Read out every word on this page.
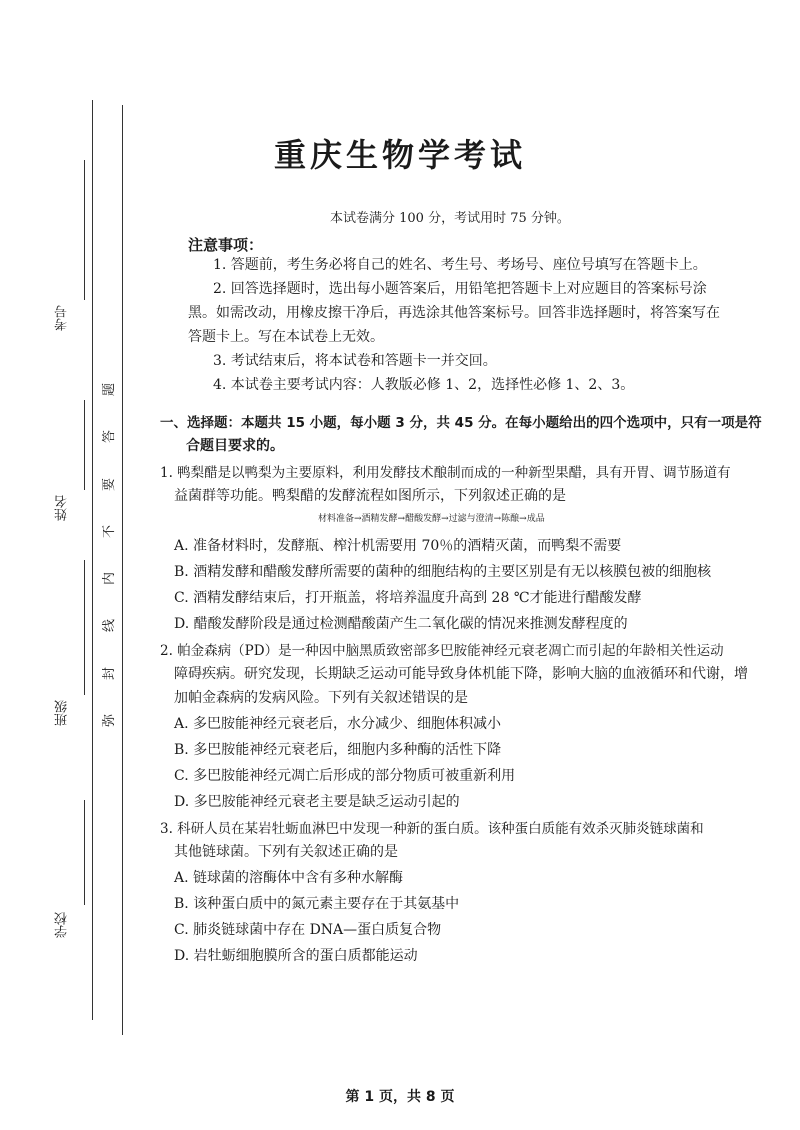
考号
姓名
班级
学校
题
答
要
不
内
线
封
弥
重庆生物学考试
本试卷满分 100 分，考试用时 75 分钟。
注意事项：
1. 答题前，考生务必将自己的姓名、考生号、考场号、座位号填写在答题卡上。
2. 回答选择题时，选出每小题答案后，用铅笔把答题卡上对应题目的答案标号涂
黑。如需改动，用橡皮擦干净后，再选涂其他答案标号。回答非选择题时，将答案写在
答题卡上。写在本试卷上无效。
3. 考试结束后，将本试卷和答题卡一并交回。
4. 本试卷主要考试内容：人教版必修 1、2，选择性必修 1、2、3。
一、选择题：本题共 15 小题，每小题 3 分，共 45 分。在每小题给出的四个选项中，只有一项是符
合题目要求的。
1. 鸭梨醋是以鸭梨为主要原料，利用发酵技术酿制而成的一种新型果醋，具有开胃、调节肠道有
益菌群等功能。鸭梨醋的发酵流程如图所示，下列叙述正确的是
材料准备→酒精发酵→醋酸发酵→过滤与澄清→陈酿→成品
A. 准备材料时，发酵瓶、榨汁机需要用 70％的酒精灭菌，而鸭梨不需要
B. 酒精发酵和醋酸发酵所需要的菌种的细胞结构的主要区别是有无以核膜包被的细胞核
C. 酒精发酵结束后，打开瓶盖，将培养温度升高到 28 ℃才能进行醋酸发酵
D. 醋酸发酵阶段是通过检测醋酸菌产生二氧化碳的情况来推测发酵程度的
2. 帕金森病（PD）是一种因中脑黑质致密部多巴胺能神经元衰老凋亡而引起的年龄相关性运动
障碍疾病。研究发现，长期缺乏运动可能导致身体机能下降，影响大脑的血液循环和代谢，增
加帕金森病的发病风险。下列有关叙述错误的是
A. 多巴胺能神经元衰老后，水分减少、细胞体积减小
B. 多巴胺能神经元衰老后，细胞内多种酶的活性下降
C. 多巴胺能神经元凋亡后形成的部分物质可被重新利用
D. 多巴胺能神经元衰老主要是缺乏运动引起的
3. 科研人员在某岩牡蛎血淋巴中发现一种新的蛋白质。该种蛋白质能有效杀灭肺炎链球菌和
其他链球菌。下列有关叙述正确的是
A. 链球菌的溶酶体中含有多种水解酶
B. 该种蛋白质中的氮元素主要存在于其氨基中
C. 肺炎链球菌中存在 DNA—蛋白质复合物
D. 岩牡蛎细胞膜所含的蛋白质都能运动
第 1 页，共 8 页
